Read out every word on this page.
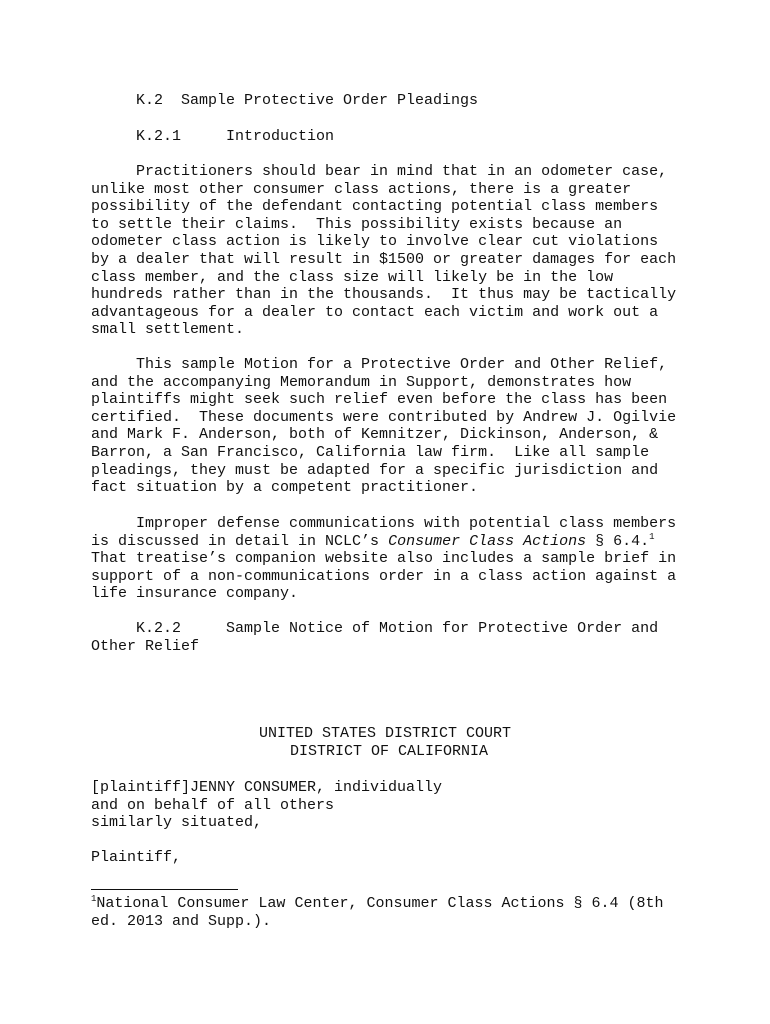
K.2  Sample Protective Order Pleadings
K.2.1     Introduction
Practitioners should bear in mind that in an odometer case,
unlike most other consumer class actions, there is a greater
possibility of the defendant contacting potential class members
to settle their claims.  This possibility exists because an
odometer class action is likely to involve clear cut violations
by a dealer that will result in $1500 or greater damages for each
class member, and the class size will likely be in the low
hundreds rather than in the thousands.  It thus may be tactically
advantageous for a dealer to contact each victim and work out a
small settlement.
This sample Motion for a Protective Order and Other Relief,
and the accompanying Memorandum in Support, demonstrates how
plaintiffs might seek such relief even before the class has been
certified.  These documents were contributed by Andrew J. Ogilvie
and Mark F. Anderson, both of Kemnitzer, Dickinson, Anderson, &
Barron, a San Francisco, California law firm.  Like all sample
pleadings, they must be adapted for a specific jurisdiction and
fact situation by a competent practitioner.
Improper defense communications with potential class members
is discussed in detail in NCLC’s Consumer Class Actions § 6.4.$^1$
That treatise’s companion website also includes a sample brief in
support of a non-communications order in a class action against a
life insurance company.
K.2.2     Sample Notice of Motion for Protective Order and
Other Relief
UNITED STATES DISTRICT COURT
DISTRICT OF CALIFORNIA
[plaintiff]JENNY CONSUMER, individually
and on behalf of all others
similarly situated,
Plaintiff,
$^1$National Consumer Law Center, Consumer Class Actions § 6.4 (8th
ed. 2013 and Supp.).
